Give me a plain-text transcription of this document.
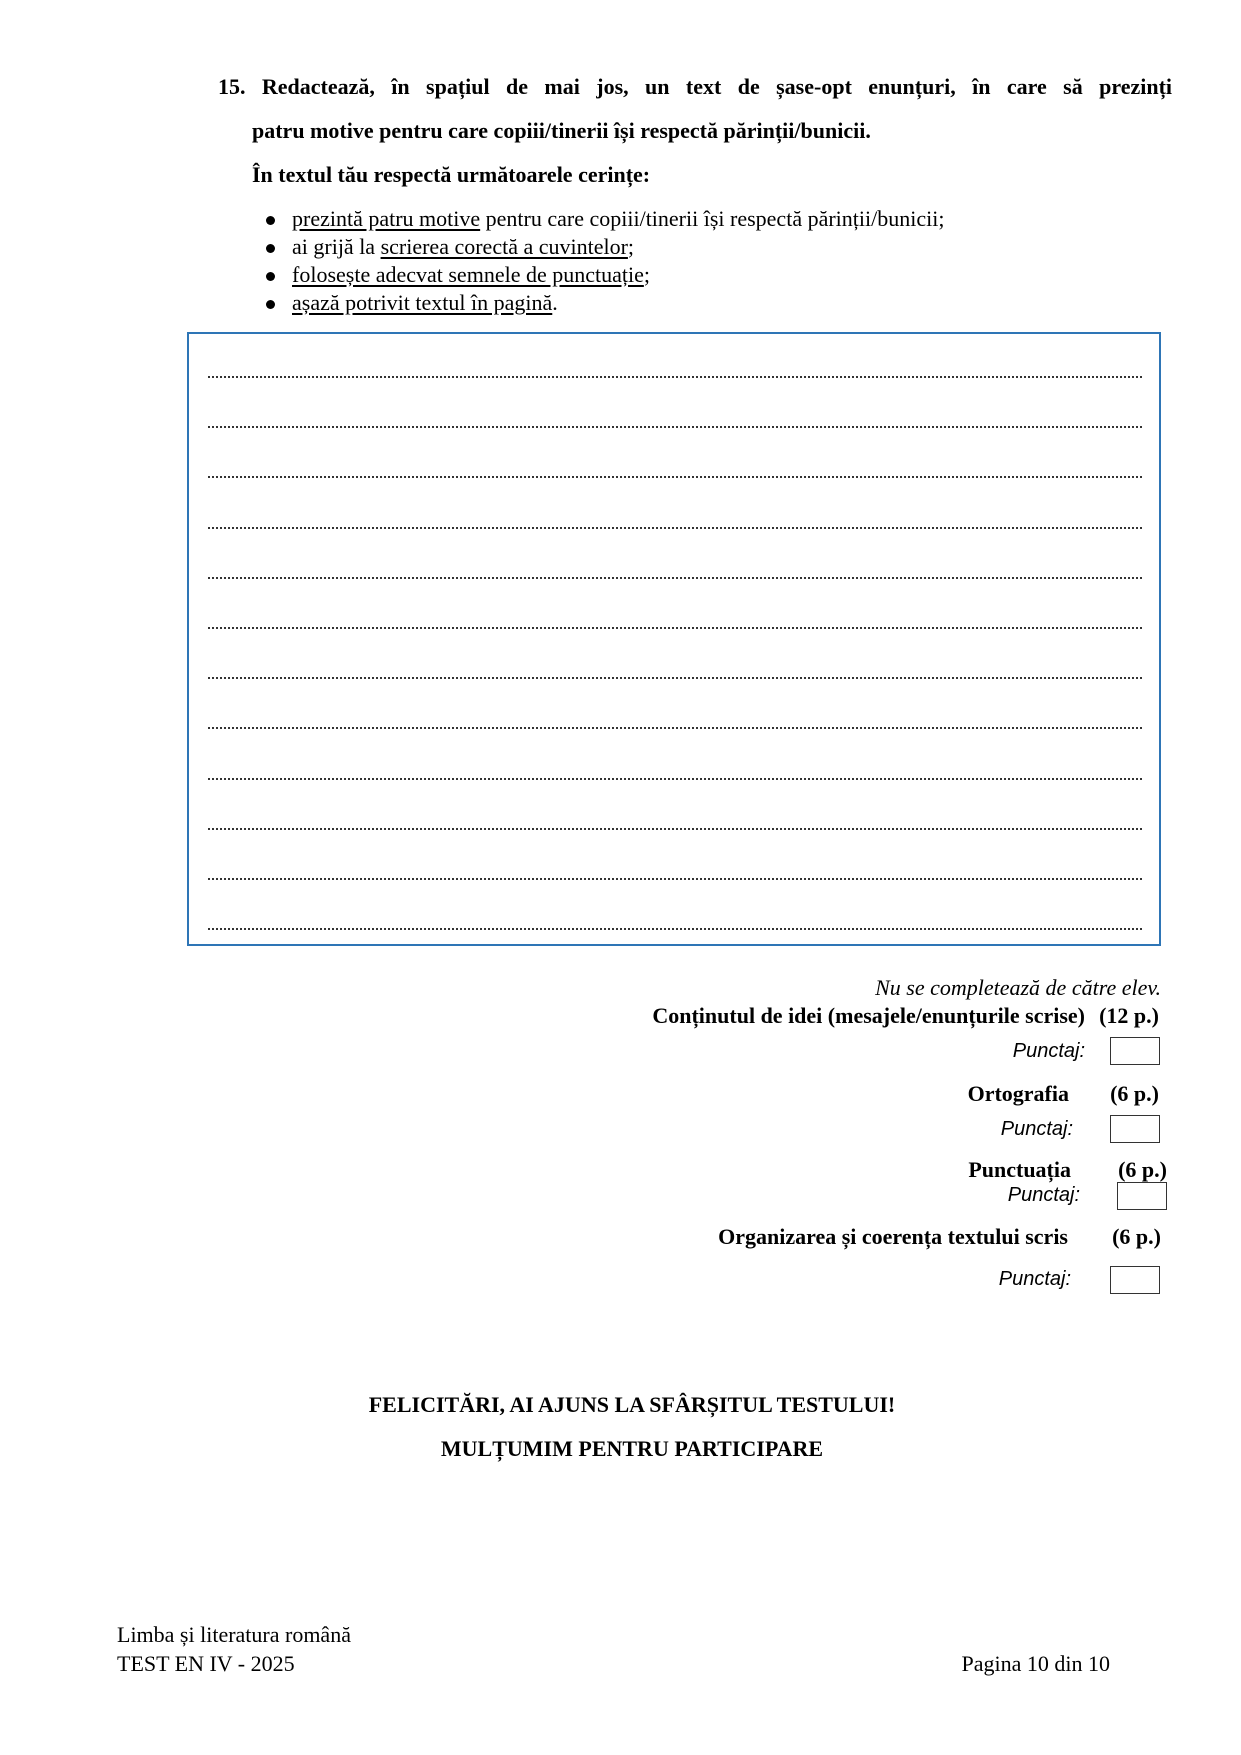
15. Redactează, în spațiul de mai jos, un text de șase-opt enunțuri, în care să prezinți
patru motive pentru care copiii/tinerii își respectă părinții/bunicii.
În textul tău respectă următoarele cerințe:
prezintă patru motive pentru care copiii/tinerii își respectă părinții/bunicii;
ai grijă la scrierea corectă a cuvintelor;
folosește adecvat semnele de punctuație;
așază potrivit textul în pagină.
Nu se completează de către elev.
Conținutul de idei (mesajele/enunțurile scrise) (12 p.)
Punctaj:
Ortografia (6 p.)
Punctaj:
Punctuația (6 p.)
Punctaj:
Organizarea și coerența textului scris (6 p.)
Punctaj:
FELICITĂRI, AI AJUNS LA SFÂRȘITUL TESTULUI!
MULȚUMIM PENTRU PARTICIPARE
Limba și literatura română
TEST EN IV - 2025	Pagina 10 din 10
